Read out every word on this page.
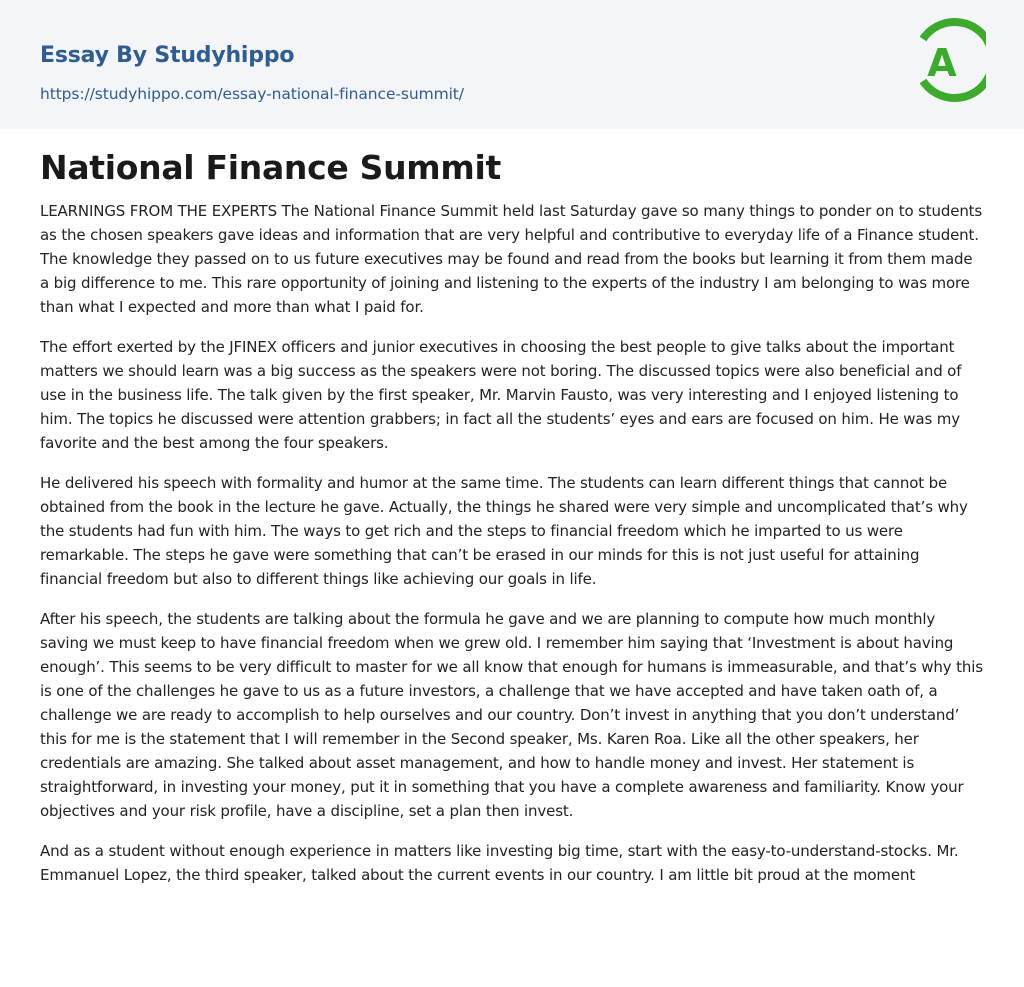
Essay By Studyhippo
https://studyhippo.com/essay-national-finance-summit/
A
National Finance Summit

LEARNINGS FROM THE EXPERTS The National Finance Summit held last Saturday gave so many things to ponder on to students as the chosen speakers gave ideas and information that are very helpful and contributive to everyday life of a Finance student. The knowledge they passed on to us future executives may be found and read from the books but learning it from them made a big difference to me. This rare opportunity of joining and listening to the experts of the industry I am belonging to was more than what I expected and more than what I paid for.

The effort exerted by the JFINEX officers and junior executives in choosing the best people to give talks about the important matters we should learn was a big success as the speakers were not boring. The discussed topics were also beneficial and of use in the business life. The talk given by the first speaker, Mr. Marvin Fausto, was very interesting and I enjoyed listening to him. The topics he discussed were attention grabbers; in fact all the students’ eyes and ears are focused on him. He was my favorite and the best among the four speakers.

He delivered his speech with formality and humor at the same time. The students can learn different things that cannot be obtained from the book in the lecture he gave. Actually, the things he shared were very simple and uncomplicated that’s why the students had fun with him. The ways to get rich and the steps to financial freedom which he imparted to us were remarkable. The steps he gave were something that can’t be erased in our minds for this is not just useful for attaining financial freedom but also to different things like achieving our goals in life.

After his speech, the students are talking about the formula he gave and we are planning to compute how much monthly saving we must keep to have financial freedom when we grew old. I remember him saying that ‘Investment is about having enough’. This seems to be very difficult to master for we all know that enough for humans is immeasurable, and that’s why this is one of the challenges he gave to us as a future investors, a challenge that we have accepted and have taken oath of, a challenge we are ready to accomplish to help ourselves and our country. Don’t invest in anything that you don’t understand’ this for me is the statement that I will remember in the Second speaker, Ms. Karen Roa. Like all the other speakers, her credentials are amazing. She talked about asset management, and how to handle money and invest. Her statement is straightforward, in investing your money, put it in something that you have a complete awareness and familiarity. Know your objectives and your risk profile, have a discipline, set a plan then invest.

And as a student without enough experience in matters like investing big time, start with the easy-to-understand-stocks. Mr. Emmanuel Lopez, the third speaker, talked about the current events in our country. I am little bit proud at the moment
